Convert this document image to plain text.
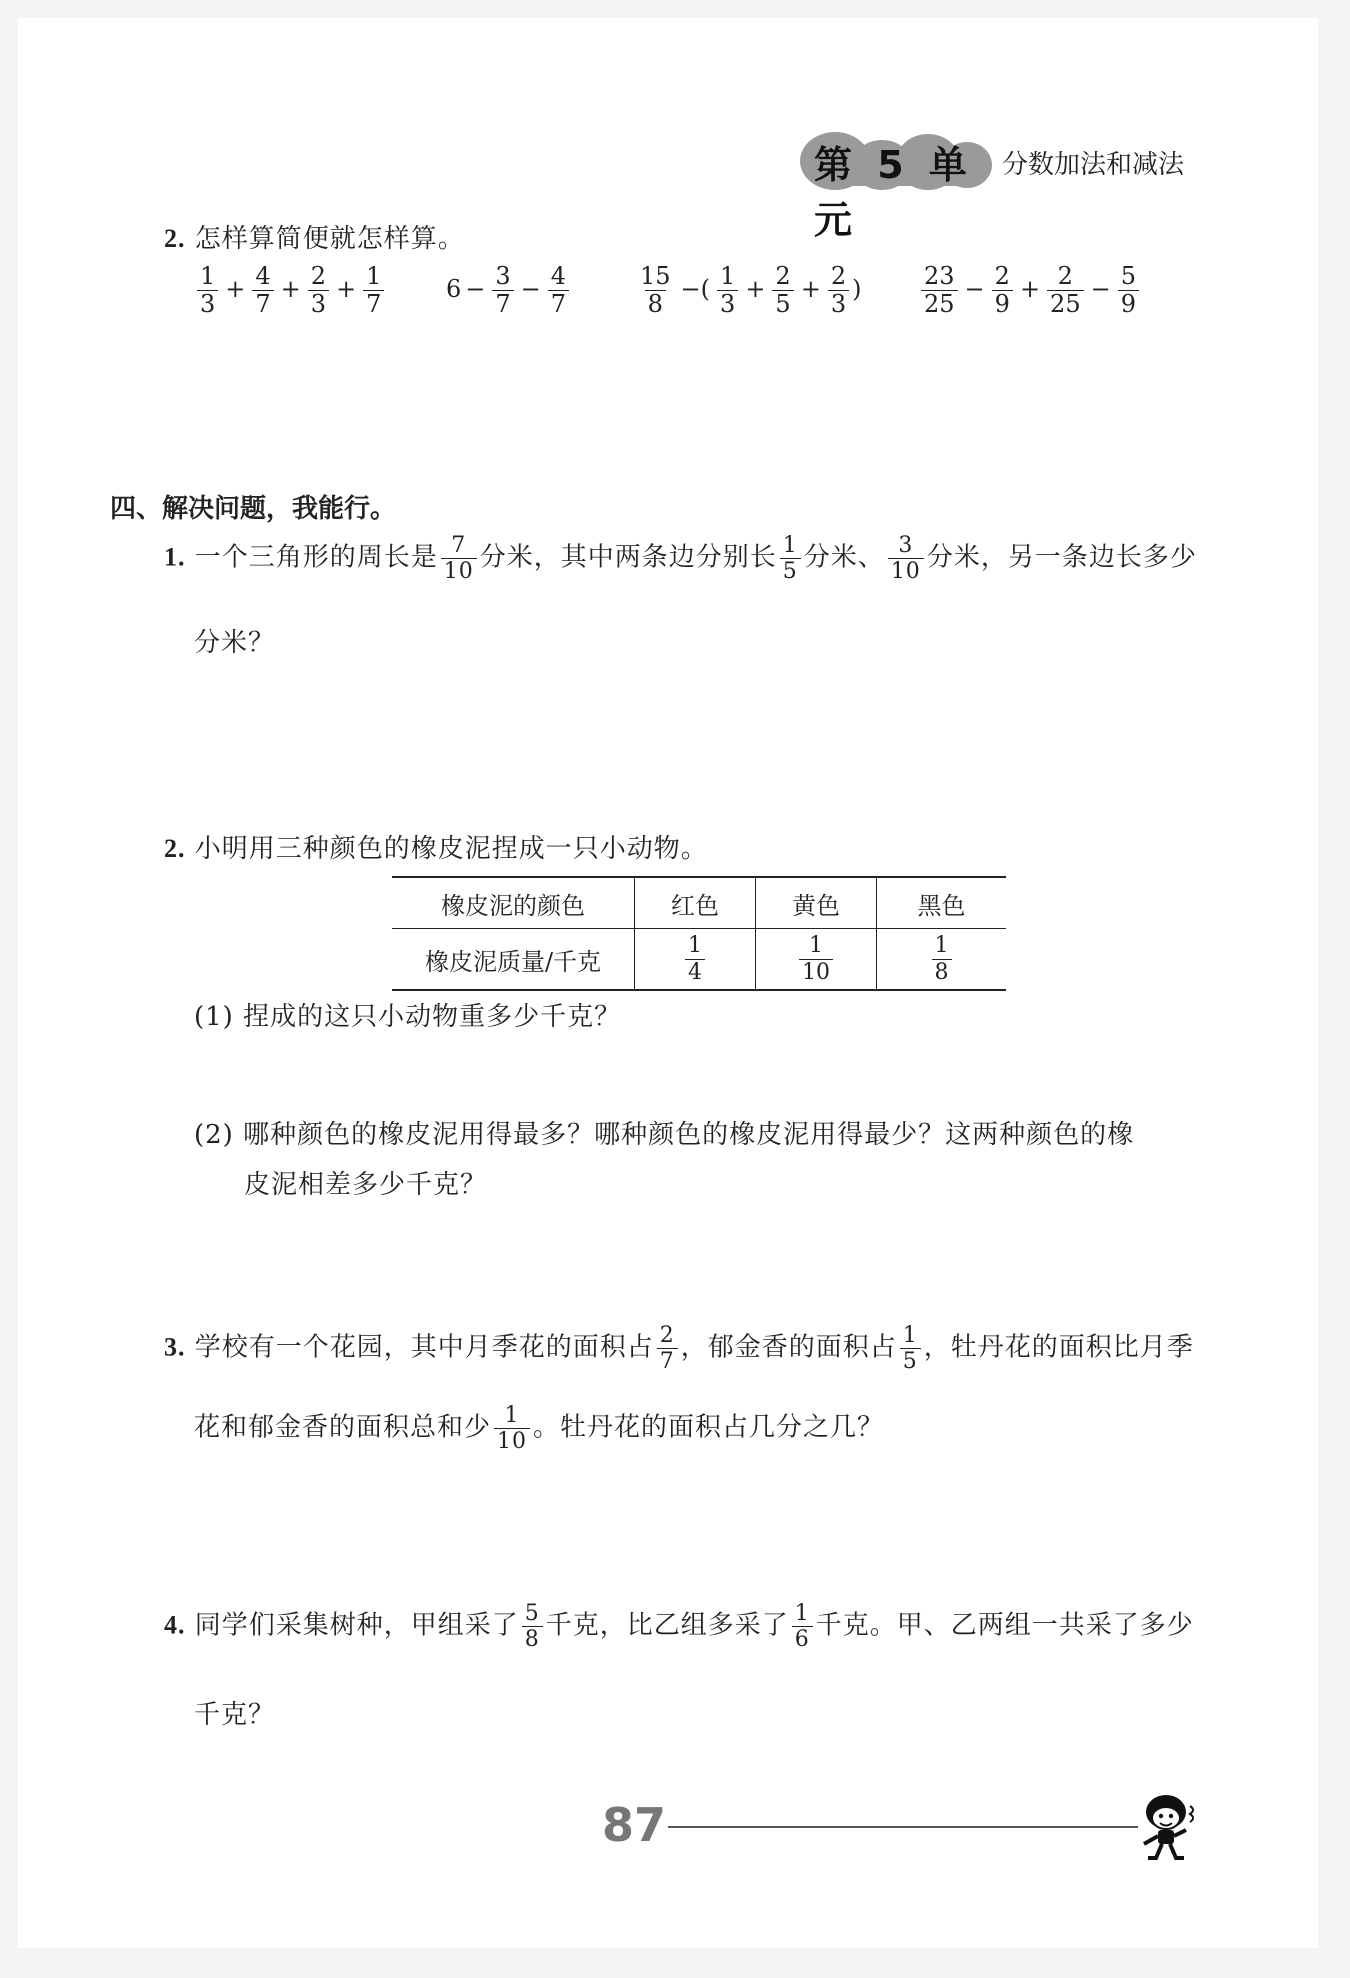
第 5 单元
分数加法和减法
2. 怎样算简便就怎样算。
$\frac{1}{3} + \frac{4}{7} + \frac{2}{3} + \frac{1}{7}$	$6 - \frac{3}{7} - \frac{4}{7}$	$\frac{15}{8}$ −( $\frac{1}{3} + \frac{2}{5} + \frac{2}{3}$ ) $\frac{23}{25} - \frac{2}{9} + \frac{2}{25} - \frac{5}{9}$
四、解决问题，我能行。
1. 一个三角形的周长是 $\frac{7}{10}$ 分米，其中两条边分别长 $\frac{1}{5}$ 分米、 $\frac{3}{10}$ 分米，另一条边长多少
分米？
2. 小明用三种颜色的橡皮泥捏成一只小动物。
橡皮泥的颜色	红色	黄色	黑色
橡皮泥质量/千克	$\frac{1}{4}$	$\frac{1}{10}$	$\frac{1}{8}$
(1) 捏成的这只小动物重多少千克？
(2) 哪种颜色的橡皮泥用得最多？哪种颜色的橡皮泥用得最少？这两种颜色的橡
皮泥相差多少千克？
3. 学校有一个花园，其中月季花的面积占 $\frac{2}{7}$ ，郁金香的面积占 $\frac{1}{5}$ ，牡丹花的面积比月季
花和郁金香的面积总和少 $\frac{1}{10}$ 。牡丹花的面积占几分之几？
4. 同学们采集树种，甲组采了 $\frac{5}{8}$ 千克，比乙组多采了 $\frac{1}{6}$ 千克。甲、乙两组一共采了多少
千克？
87
